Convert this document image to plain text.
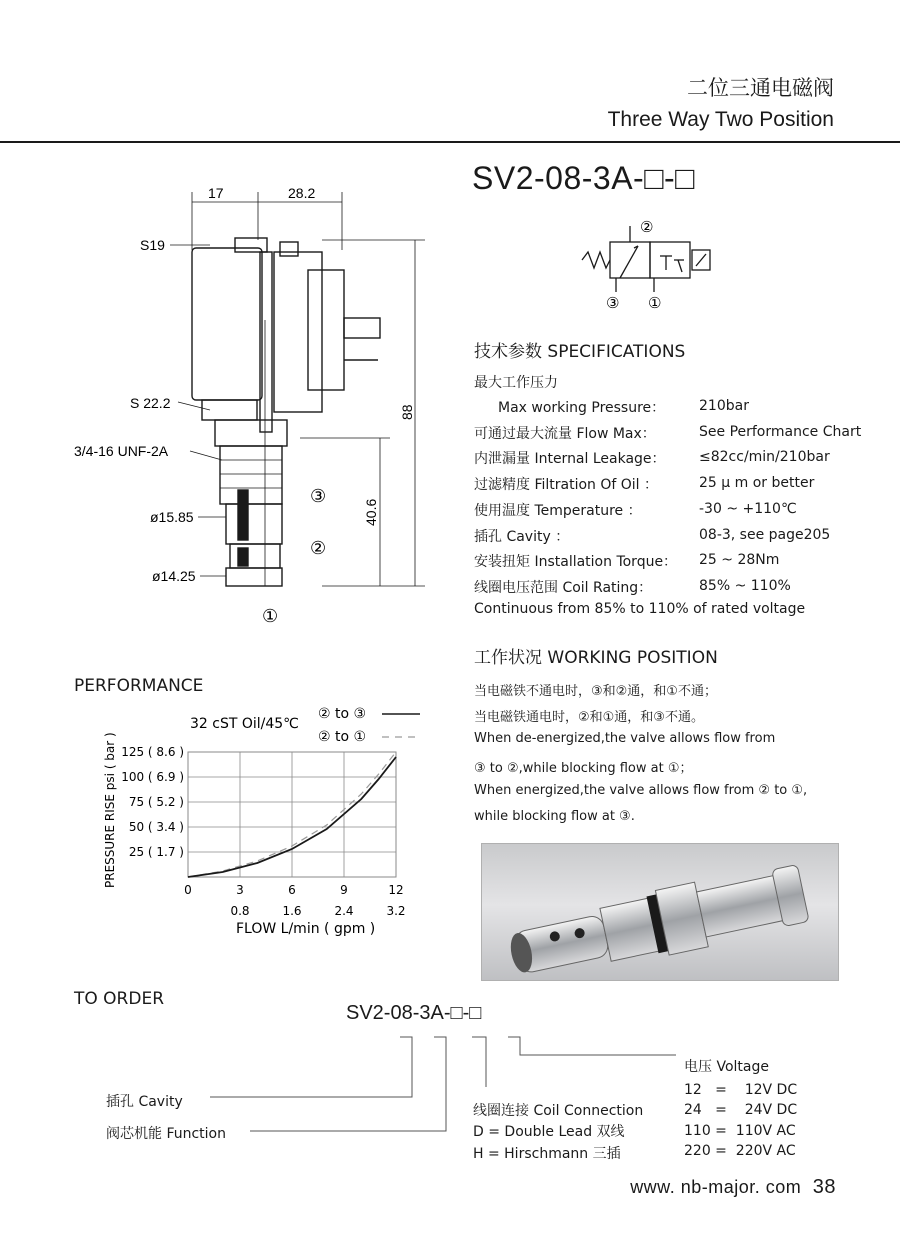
二位三通电磁阀
Three Way Two Position
SV2-08-3A-□-□
17	28.2
S19
S 22.2
3/4-16 UNF-2A
ø15.85
ø14.25
88
40.6
③
②
①
②
③ ①
技术参数 SPECIFICATIONS
最大工作压力
Max working Pressure： 210bar
可通过最大流量 Flow Max：	See Performance Chart
内泄漏量 Internal Leakage： ≤82cc/min/210bar
过滤精度 Filtration Of Oil ：	25 μ m or better
使用温度 Temperature ：	-30 ~ +110℃
插孔 Cavity ：	08-3, see page205
安装扭矩 Installation Torque： 25 ~ 28Nm
线圈电压范围 Coil Rating：	85% ~ 110%
Continuous from 85% to 110% of rated voltage
工作状况 WORKING POSITION
当电磁铁不通电时，③和②通，和①不通；
当电磁铁通电时，②和①通，和③不通。
When de-energized,the valve allows flow from
③ to ②,while blocking flow at ①；
When energized,the valve allows flow from ② to ①,
while blocking flow at ③.
PERFORMANCE
32 cST Oil/45℃
② to ③
② to ①
125 ( 8.6 )
100 ( 6.9 )
75 ( 5.2 )
50 ( 3.4 )
25 ( 1.7 )
0	3	6	9	12
0.8	1.6	2.4	3.2
FLOW L/min ( gpm )
PRESSURE RISE psi ( bar )
TO ORDER
SV2-08-3A-□-□
插孔 Cavity
阀芯机能 Function
线圈连接 Coil Connection
D = Double Lead 双线
H = Hirschmann 三插
电压 Voltage
12   =    12V DC
24   =    24V DC
110 =  110V AC
220 =  220V AC
www. nb-major. com 38
